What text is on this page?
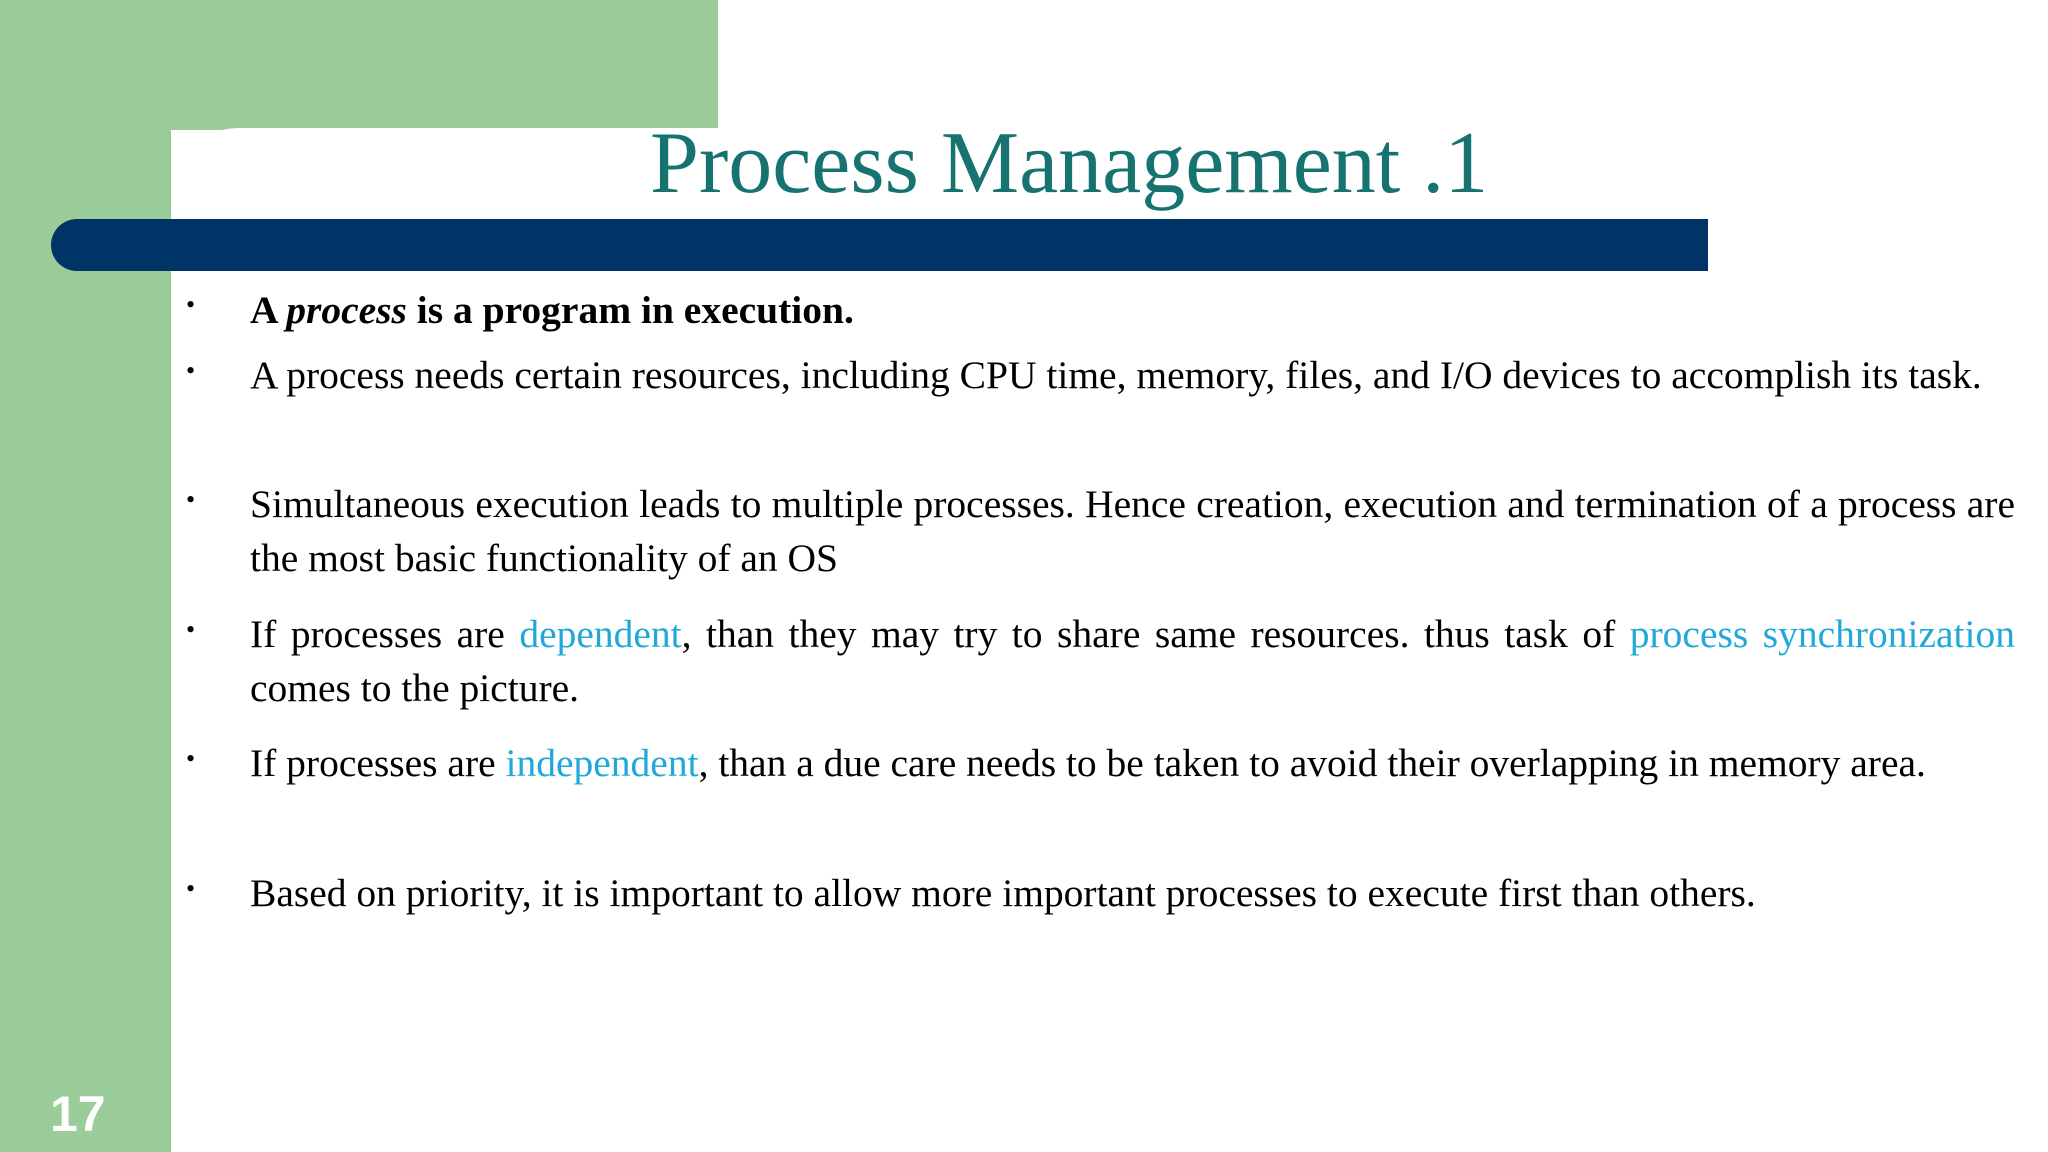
Process Management .1
17
• A process is a program in execution.
• A process needs certain resources, including CPU time, memory, files, and I/O devices to accomplish its task.
• Simultaneous execution leads to multiple processes. Hence creation, execution and termination of a process are the most basic functionality of an OS
• If processes are dependent, than they may try to share same resources. thus task of process synchronization comes to the picture.
• If processes are independent, than a due care needs to be taken to avoid their overlapping in memory area.
• Based on priority, it is important to allow more important processes to execute first than others.
